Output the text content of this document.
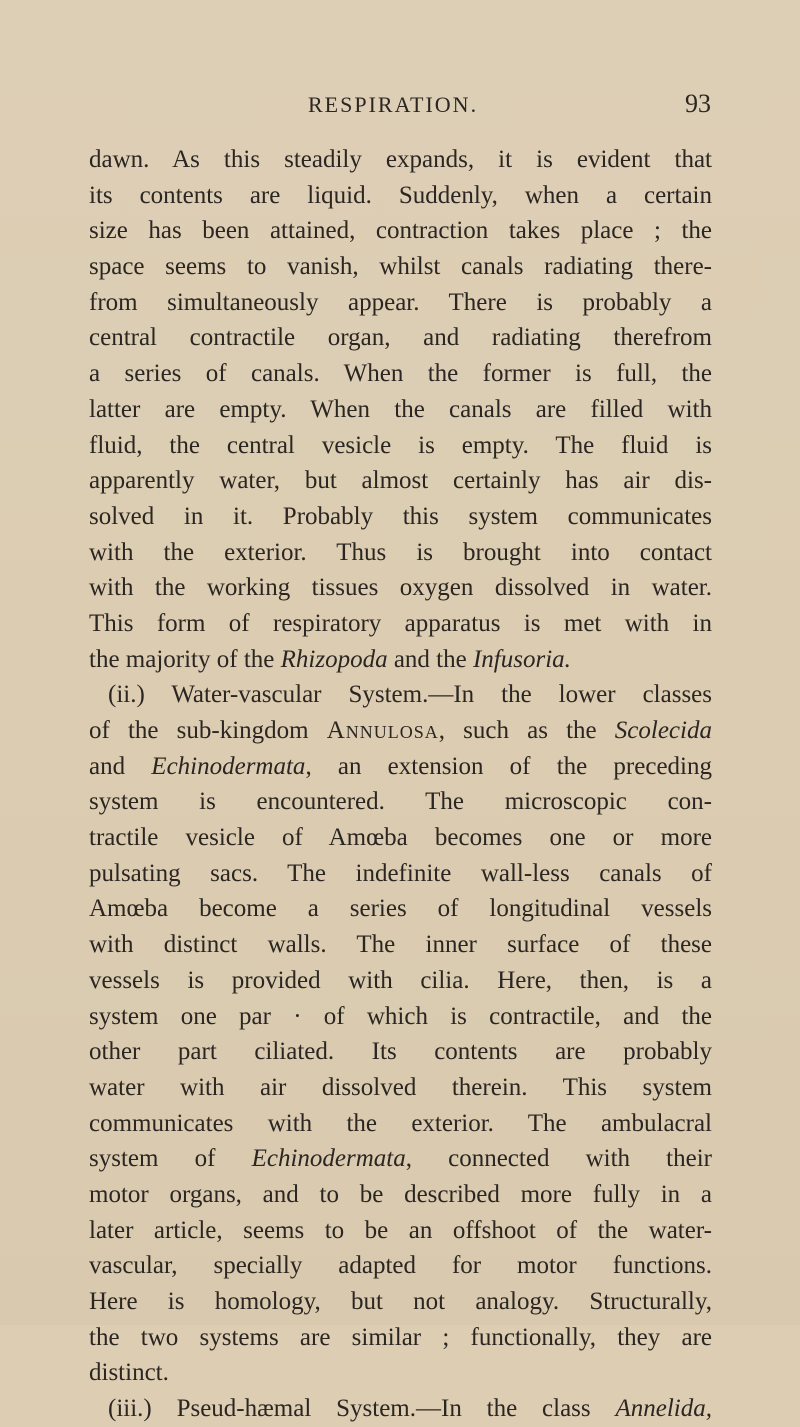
RESPIRATION.	93
dawn. As this steadily expands, it is evident that
its contents are liquid. Suddenly, when a certain
size has been attained, contraction takes place ; the
space seems to vanish, whilst canals radiating there-
from simultaneously appear. There is probably a
central contractile organ, and radiating therefrom
a series of canals. When the former is full, the
latter are empty. When the canals are filled with
fluid, the central vesicle is empty. The fluid is
apparently water, but almost certainly has air dis-
solved in it. Probably this system communicates
with the exterior. Thus is brought into contact
with the working tissues oxygen dissolved in water.
This form of respiratory apparatus is met with in
the majority of the Rhizopoda and the Infusoria.
(ii.) Water-vascular System.—In the lower classes
of the sub-kingdom Annulosa, such as the Scolecida
and Echinodermata, an extension of the preceding
system is encountered. The microscopic con-
tractile vesicle of Amœba becomes one or more
pulsating sacs. The indefinite wall-less canals of
Amœba become a series of longitudinal vessels
with distinct walls. The inner surface of these
vessels is provided with cilia. Here, then, is a
system one par · of which is contractile, and the
other part ciliated. Its contents are probably
water with air dissolved therein. This system
communicates with the exterior. The ambulacral
system of Echinodermata, connected with their
motor organs, and to be described more fully in a
later article, seems to be an offshoot of the water-
vascular, specially adapted for motor functions.
Here is homology, but not analogy. Structurally,
the two systems are similar ; functionally, they are
distinct.
(iii.) Pseud-hæmal System.—In the class Annelida,
